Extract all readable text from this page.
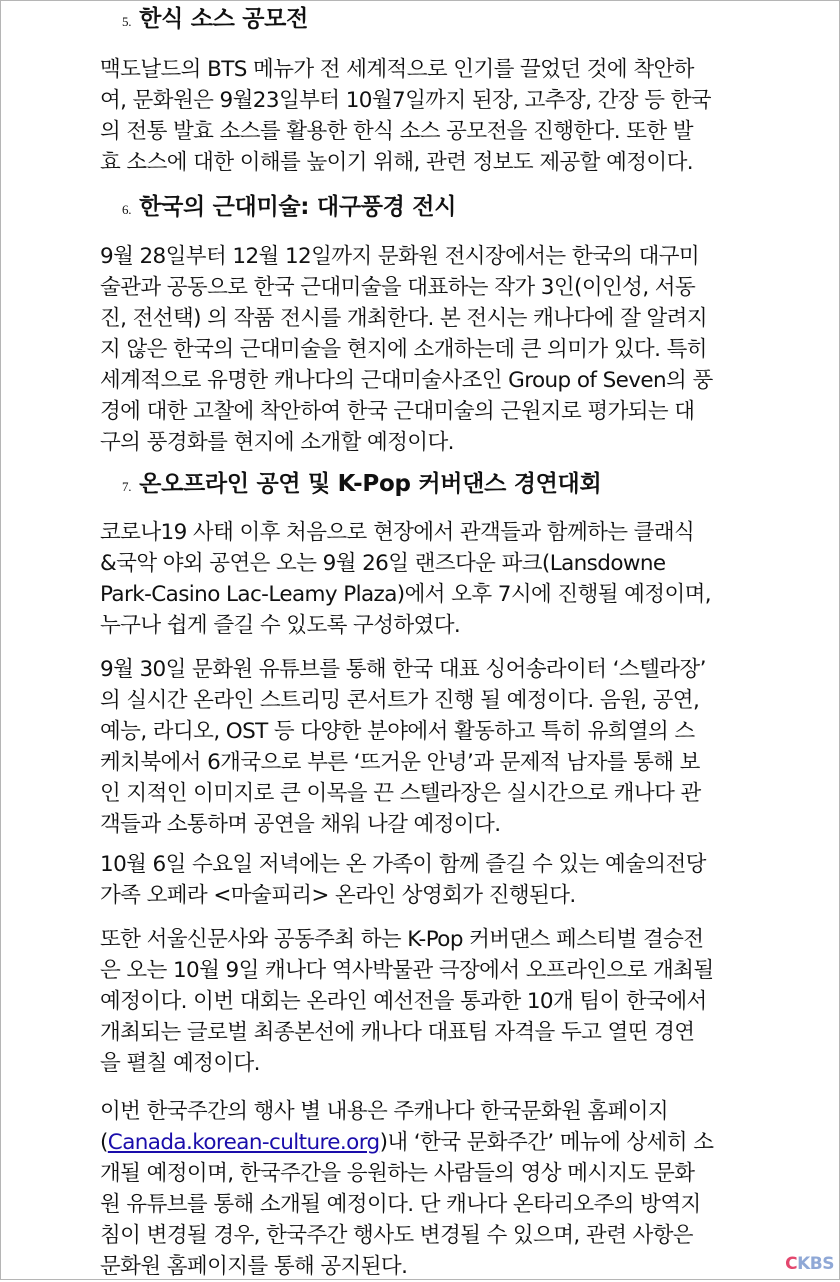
5. 한식 소스 공모전
맥도날드의 BTS 메뉴가 전 세계적으로 인기를 끌었던 것에 착안하
여, 문화원은 9월23일부터 10월7일까지 된장, 고추장, 간장 등 한국
의 전통 발효 소스를 활용한 한식 소스 공모전을 진행한다. 또한 발
효 소스에 대한 이해를 높이기 위해, 관련 정보도 제공할 예정이다.
6. 한국의 근대미술: 대구풍경 전시
9월 28일부터 12월 12일까지 문화원 전시장에서는 한국의 대구미
술관과 공동으로 한국 근대미술을 대표하는 작가 3인(이인성, 서동
진, 전선택) 의 작품 전시를 개최한다. 본 전시는 캐나다에 잘 알려지
지 않은 한국의 근대미술을 현지에 소개하는데 큰 의미가 있다. 특히
세계적으로 유명한 캐나다의 근대미술사조인 Group of Seven의 풍
경에 대한 고찰에 착안하여 한국 근대미술의 근원지로 평가되는 대
구의 풍경화를 현지에 소개할 예정이다.
7. 온오프라인 공연 및 K-Pop 커버댄스 경연대회
코로나19 사태 이후 처음으로 현장에서 관객들과 함께하는 클래식
&국악 야외 공연은 오는 9월 26일 랜즈다운 파크(Lansdowne
Park-Casino Lac-Leamy Plaza)에서 오후 7시에 진행될 예정이며,
누구나 쉽게 즐길 수 있도록 구성하였다.
9월 30일 문화원 유튜브를 통해 한국 대표 싱어송라이터 ‘스텔라장’
의 실시간 온라인 스트리밍 콘서트가 진행 될 예정이다. 음원, 공연,
예능, 라디오, OST 등 다양한 분야에서 활동하고 특히 유희열의 스
케치북에서 6개국으로 부른 ‘뜨거운 안녕’과 문제적 남자를 통해 보
인 지적인 이미지로 큰 이목을 끈 스텔라장은 실시간으로 캐나다 관
객들과 소통하며 공연을 채워 나갈 예정이다.
10월 6일 수요일 저녁에는 온 가족이 함께 즐길 수 있는 예술의전당
가족 오페라 <마술피리> 온라인 상영회가 진행된다.
또한 서울신문사와 공동주최 하는 K-Pop 커버댄스 페스티벌 결승전
은 오는 10월 9일 캐나다 역사박물관 극장에서 오프라인으로 개최될
예정이다. 이번 대회는 온라인 예선전을 통과한 10개 팀이 한국에서
개최되는 글로벌 최종본선에 캐나다 대표팀 자격을 두고 열띤 경연
을 펼칠 예정이다.
이번 한국주간의 행사 별 내용은 주캐나다 한국문화원 홈페이지
(Canada.korean-culture.org)내 ‘한국 문화주간’ 메뉴에 상세히 소
개될 예정이며, 한국주간을 응원하는 사람들의 영상 메시지도 문화
원 유튜브를 통해 소개될 예정이다. 단 캐나다 온타리오주의 방역지
침이 변경될 경우, 한국주간 행사도 변경될 수 있으며, 관련 사항은
문화원 홈페이지를 통해 공지된다.	CKBS
